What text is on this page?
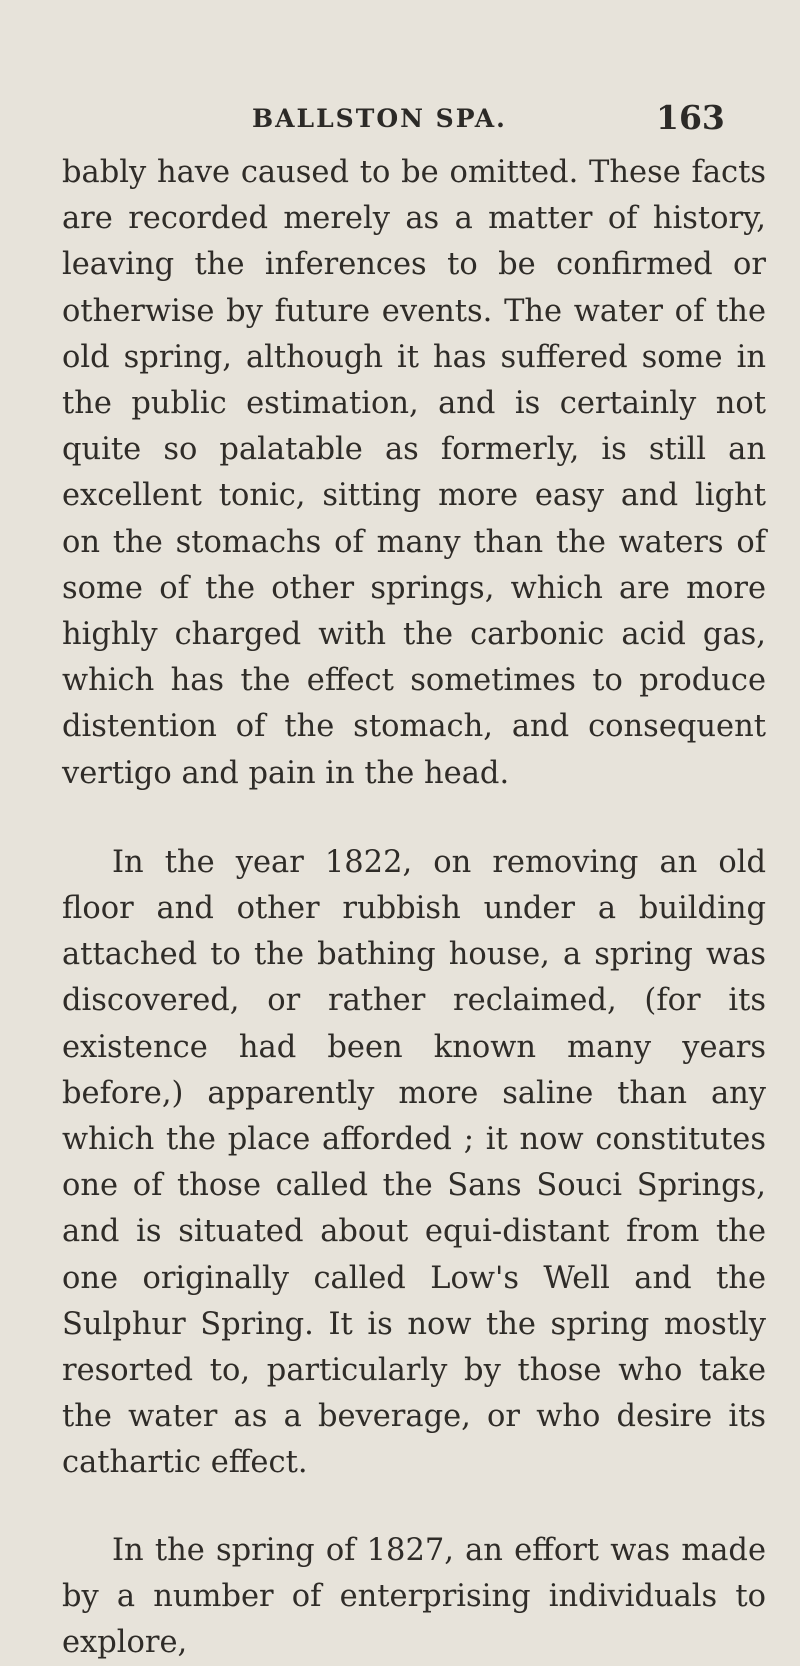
BALLSTON SPA.	163

bably have caused to be omitted. These facts are recorded merely as a matter of history, leaving the inferences to be confirmed or otherwise by future events. The water of the old spring, although it has suffered some in the public estimation, and is certainly not quite so palatable as formerly, is still an excellent tonic, sitting more easy and light on the stomachs of many than the waters of some of the other springs, which are more highly charged with the carbonic acid gas, which has the effect sometimes to produce distention of the stomach, and consequent vertigo and pain in the head.

In the year 1822, on removing an old floor and other rubbish under a building attached to the bathing house, a spring was discovered, or rather reclaimed, (for its existence had been known many years before,) apparently more saline than any which the place afforded ; it now constitutes one of those called the Sans Souci Springs, and is situated about equi-distant from the one originally called Low's Well and the Sulphur Spring. It is now the spring mostly resorted to, particularly by those who take the water as a beverage, or who desire its cathartic effect.

In the spring of 1827, an effort was made by a number of enterprising individuals to explore,
